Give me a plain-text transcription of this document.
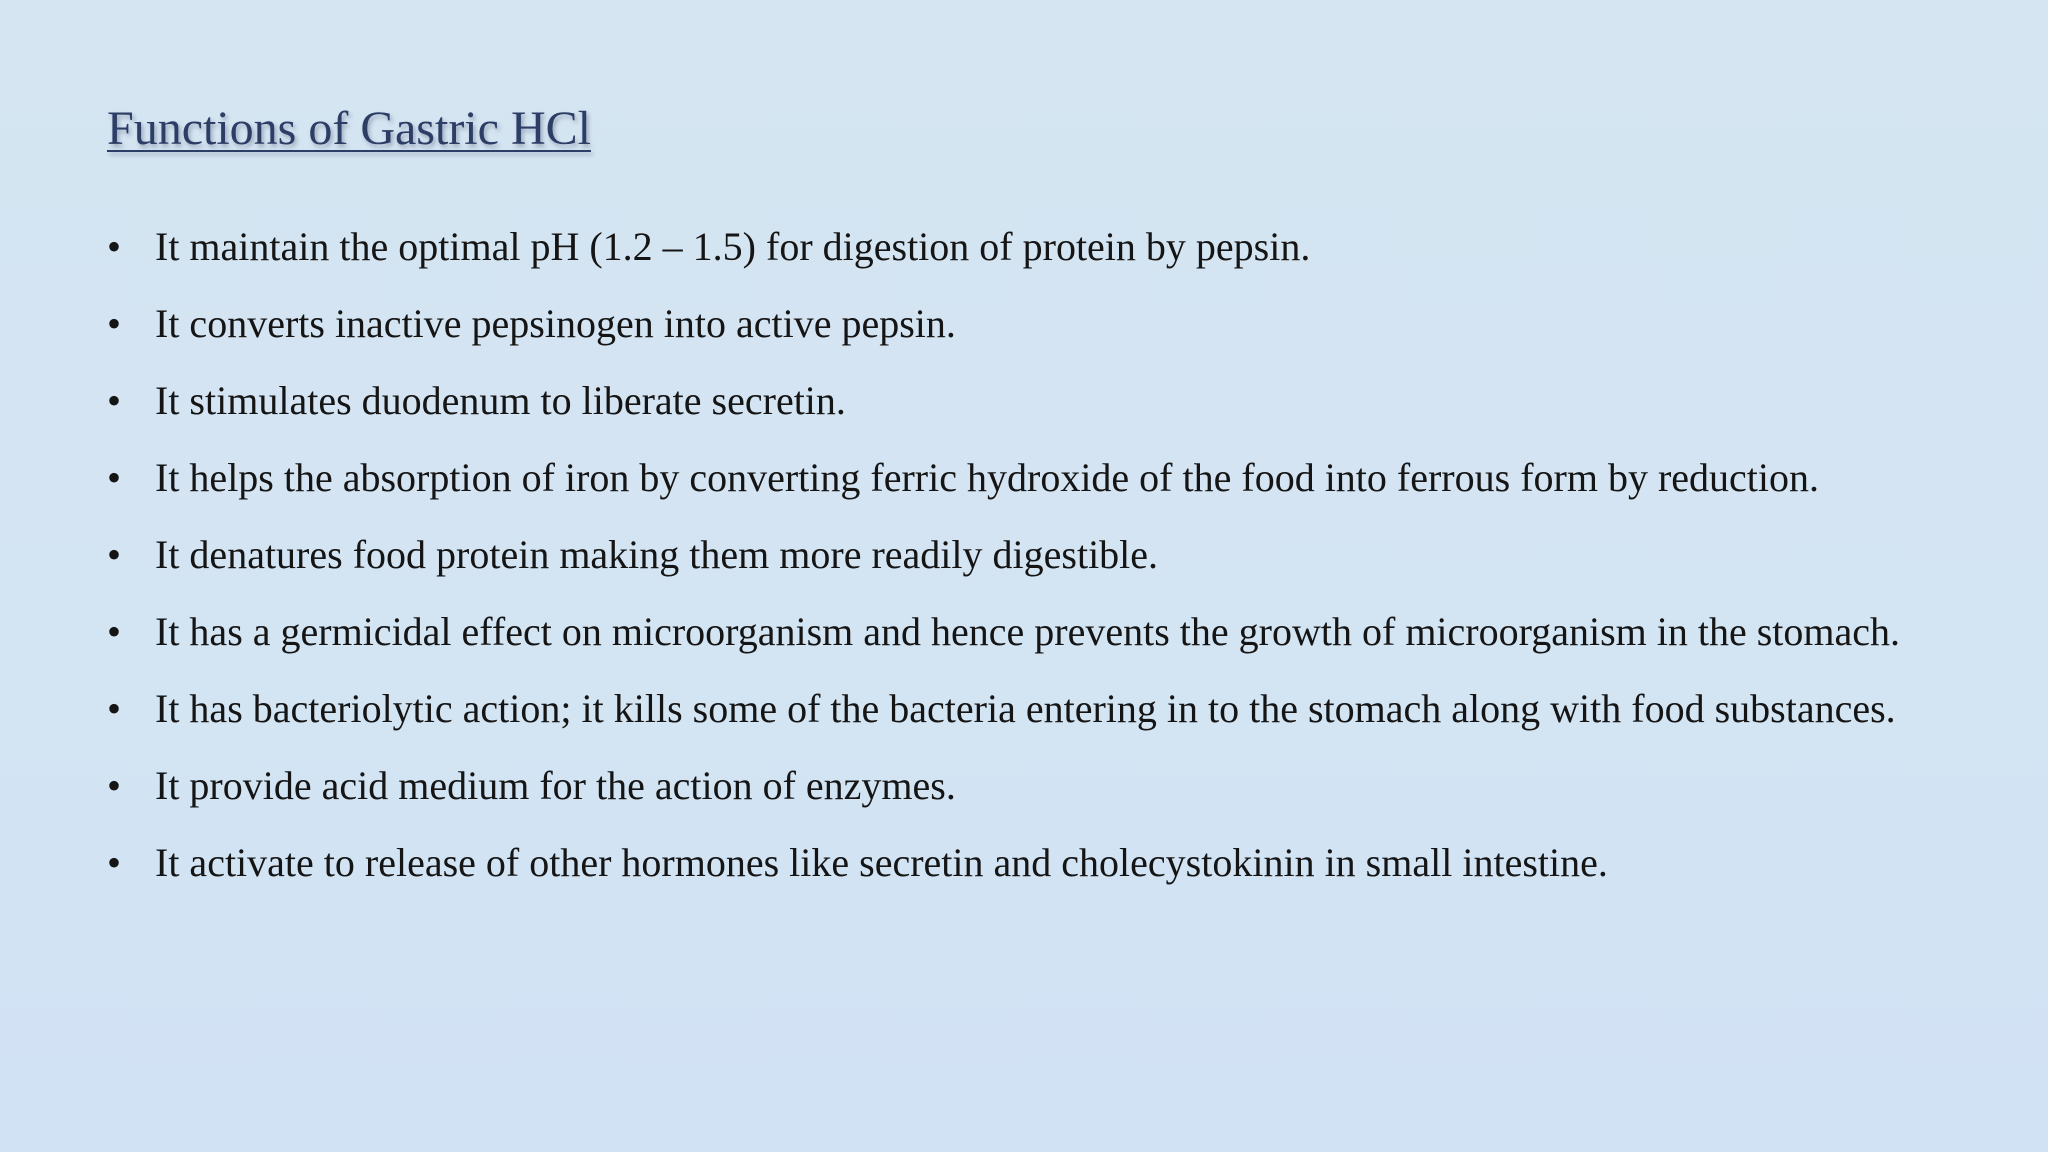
Functions of Gastric HCl
• It maintain the optimal pH (1.2 – 1.5) for digestion of protein by pepsin.
• It converts inactive pepsinogen into active pepsin.
• It stimulates duodenum to liberate secretin.
• It helps the absorption of iron by converting ferric hydroxide of the food into ferrous form by reduction.
• It denatures food protein making them more readily digestible.
• It has a germicidal effect on microorganism and hence prevents the growth of microorganism in the stomach.
• It has bacteriolytic action; it kills some of the bacteria entering in to the stomach along with food substances.
• It provide acid medium for the action of enzymes.
• It activate to release of other hormones like secretin and cholecystokinin in small intestine.
